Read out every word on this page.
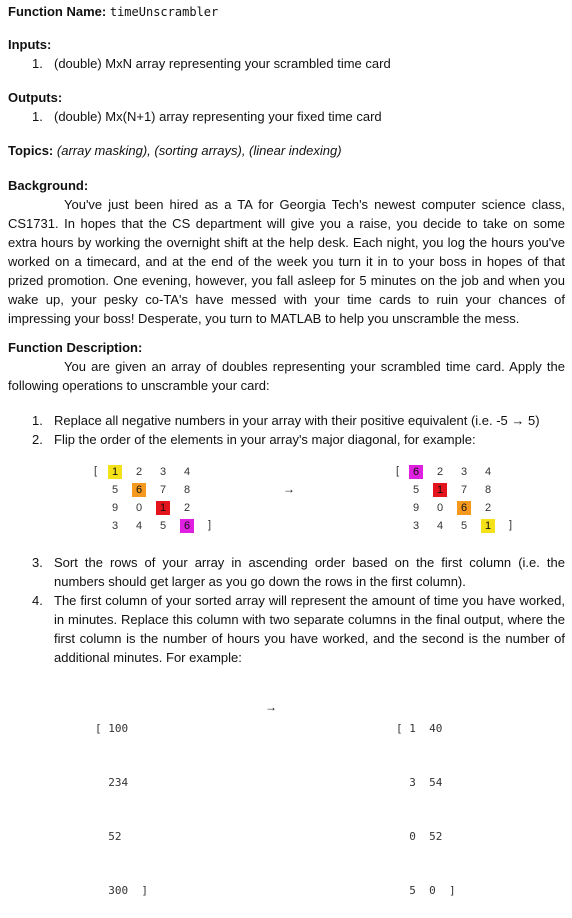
Function Name: timeUnscrambler
Inputs:
1. (double) MxN array representing your scrambled time card
Outputs:
1. (double) Mx(N+1) array representing your fixed time card
Topics: (array masking), (sorting arrays), (linear indexing)
Background:
You've just been hired as a TA for Georgia Tech's newest computer science class, CS1731. In hopes that the CS department will give you a raise, you decide to take on some extra hours by working the overnight shift at the help desk. Each night, you log the hours you've worked on a timecard, and at the end of the week you turn it in to your boss in hopes of that prized promotion. One evening, however, you fall asleep for 5 minutes on the job and when you wake up, your pesky co-TA's have messed with your time cards to ruin your chances of impressing your boss! Desperate, you turn to MATLAB to help you unscramble the mess.
Function Description:
You are given an array of doubles representing your scrambled time card. Apply the following operations to unscramble your card:
1. Replace all negative numbers in your array with their positive equivalent (i.e. -5 → 5)
2. Flip the order of the elements in your array's major diagonal, for example:
[	1	2	3	4
5	6	7	8
9	0	1	2
3	4	5	6	]
→
[	6	2	3	4
5	1	7	8
9	0	6	2
3	4	5	1	]
3. Sort the rows of your array in ascending order based on the first column (i.e. the numbers should get larger as you go down the rows in the first column).
4. The first column of your sorted array will represent the amount of time you have worked, in minutes. Replace this column with two separate columns in the final output, where the first column is the number of hours you have worked, and the second is the number of additional minutes. For example:

[ 100

234

52

300  ]

→

[ 1  40

3  54

0  52

5  0  ]
